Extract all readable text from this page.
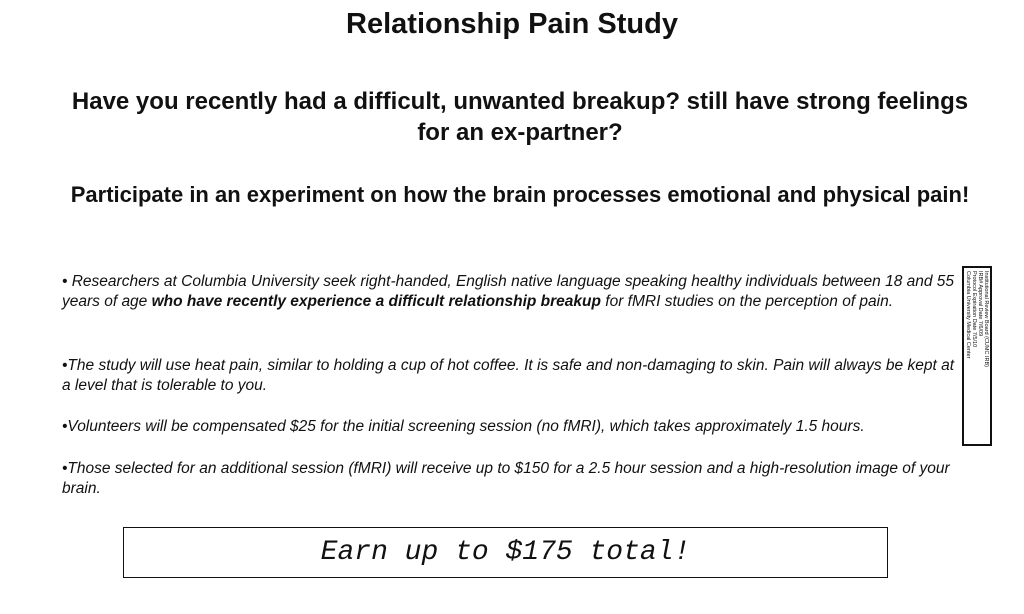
Relationship Pain Study
Have you recently had a difficult, unwanted breakup? still have strong feelings for an ex-partner?
Participate in an experiment on how the brain processes emotional and physical pain!
• Researchers at Columbia University seek right-handed, English native language speaking healthy individuals between 18 and 55 years of age who have recently experience a difficult relationship breakup for fMRI studies on the perception of pain.
•The study will use heat pain, similar to holding a cup of hot coffee. It is safe and non-damaging to skin. Pain will always be kept at a level that is tolerable to you.
•Volunteers will be compensated $25 for the initial screening session (no fMRI), which takes approximately 1.5 hours.
•Those selected for an additional session (fMRI) will receive up to $150 for a 2.5 hour session and a high-resolution image of your brain.
Institutional Review Board (CUMC IRB)
IRB# Approval Date 7/6/09
Protocol Expiration Date 7/5/10
Columbia University Medical Center
Earn up to $175 total!
